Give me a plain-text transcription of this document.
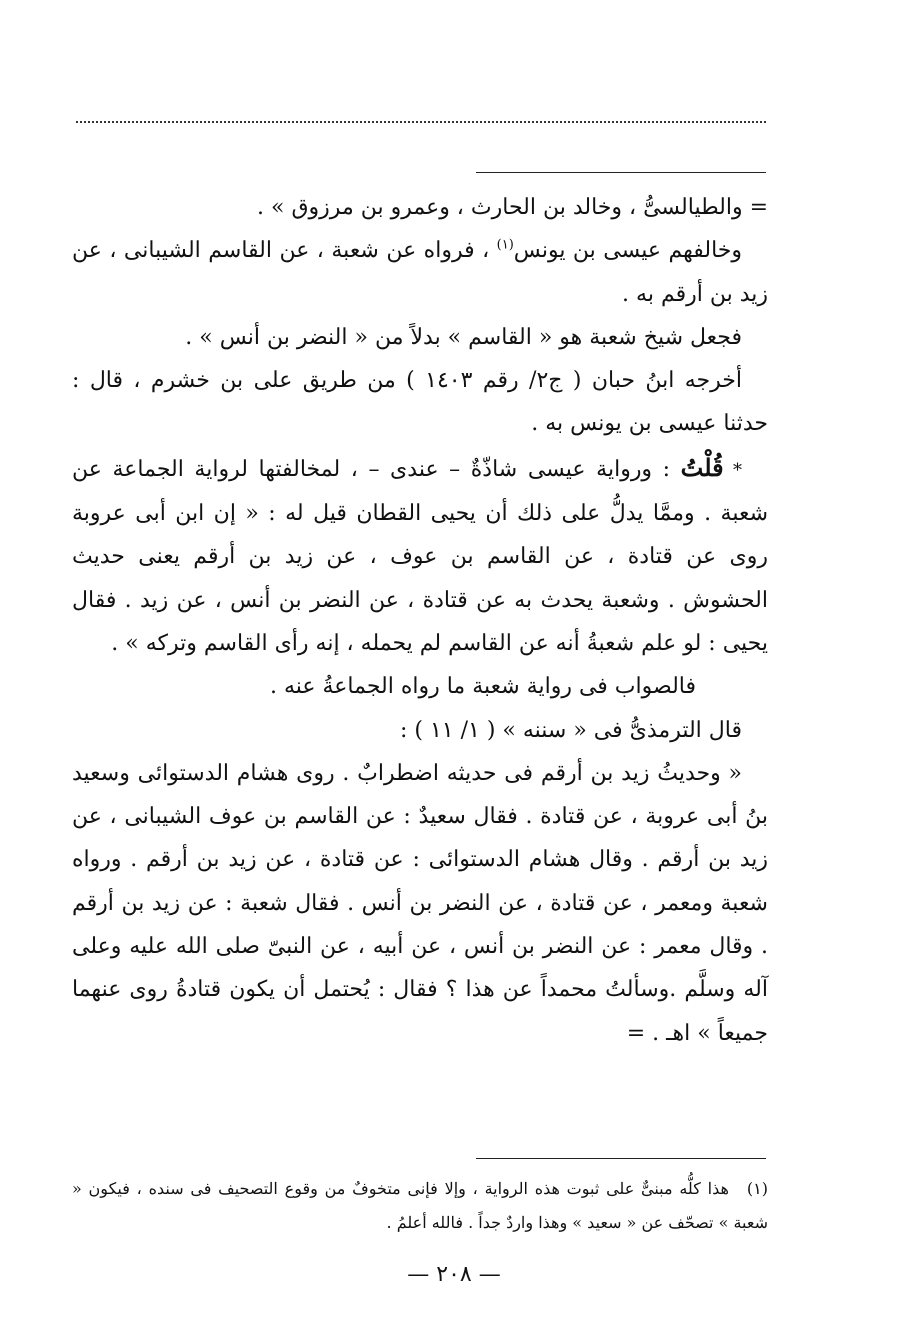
= والطيالسىُّ ، وخالد بن الحارث ، وعمرو بن مرزوق » .

وخالفهم عيسى بن يونس$^{(١)}$ ، فرواه عن شعبة ، عن القاسم الشيبانى ، عن زيد بن أرقم به .

فجعل شيخ شعبة هو « القاسم » بدلاً من « النضر بن أنس » .

أخرجه ابنُ حبان ( ج٢/ رقم ١٤٠٣ ) من طريق على بن خشرم ، قال : حدثنا عيسى بن يونس به .

* قُلْتُ : ورواية عيسى شاذّةٌ – عندى – ، لمخالفتها لرواية الجماعة عن شعبة . وممَّا يدلُّ على ذلك أن يحيى القطان قيل له : « إن ابن أبى عروبة روى عن قتادة ، عن القاسم بن عوف ، عن زيد بن أرقم يعنى حديث الحشوش . وشعبة يحدث به عن قتادة ، عن النضر بن أنس ، عن زيد . فقال يحيى : لو علم شعبةُ أنه عن القاسم لم يحمله ، إنه رأى القاسم وتركه » .

فالصواب فى رواية شعبة ما رواه الجماعةُ عنه .

قال الترمذىُّ فى « سننه » ( ١/ ١١ ) :

« وحديثُ زيد بن أرقم فى حديثه اضطرابٌ . روى هشام الدستوائى وسعيد بنُ أبى عروبة ، عن قتادة . فقال سعيدٌ : عن القاسم بن عوف الشيبانى ، عن زيد بن أرقم . وقال هشام الدستوائى : عن قتادة ، عن زيد بن أرقم . ورواه شعبة ومعمر ، عن قتادة ، عن النضر بن أنس . فقال شعبة : عن زيد بن أرقم . وقال معمر : عن النضر بن أنس ، عن أبيه ، عن النبىّ صلى الله عليه وعلى آله وسلَّم .وسألتُ محمداً عن هذا ؟ فقال : يُحتمل أن يكون قتادةُ روى عنهما جميعاً » اهـ . =

(١)هذا كلُّه مبنىٌّ على ثبوت هذه الرواية ، وإلا فإنى متخوفٌ من وقوع التصحيف فى سنده ، فيكون « شعبة » تصحّف عن « سعيد » وهذا واردٌ جداً . فالله أعلمُ .

— ٢٠٨ —
